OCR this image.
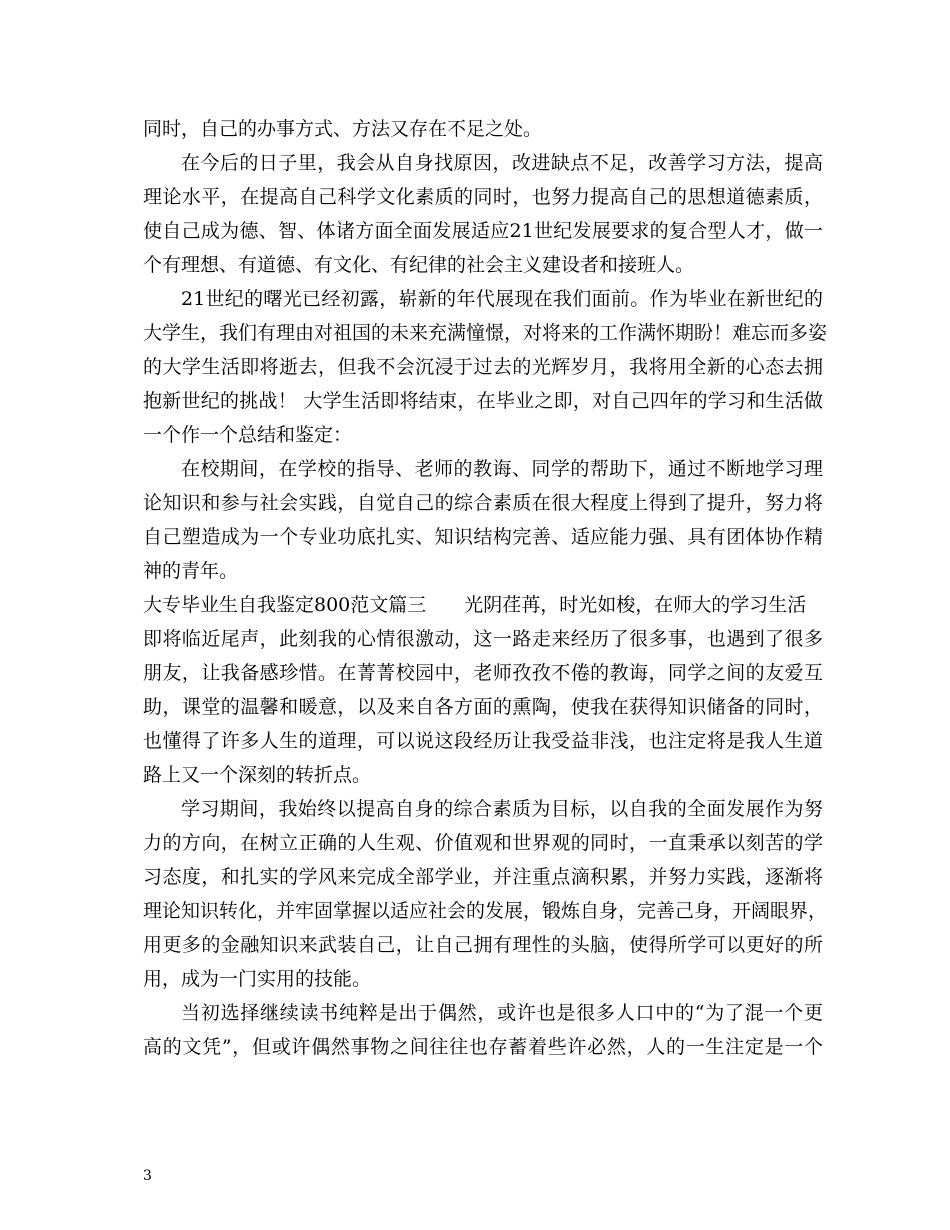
同时，自己的办事方式、方法又存在不足之处。
在今后的日子里，我会从自身找原因，改进缺点不足，改善学习方法，提高
理论水平，在提高自己科学文化素质的同时，也努力提高自己的思想道德素质，
使自己成为德、智、体诸方面全面发展适应21世纪发展要求的复合型人才，做一
个有理想、有道德、有文化、有纪律的社会主义建设者和接班人。
21世纪的曙光已经初露，崭新的年代展现在我们面前。作为毕业在新世纪的
大学生，我们有理由对祖国的未来充满憧憬，对将来的工作满怀期盼！难忘而多姿
的大学生活即将逝去，但我不会沉浸于过去的光辉岁月，我将用全新的心态去拥
抱新世纪的挑战！ 大学生活即将结束，在毕业之即，对自己四年的学习和生活做
一个作一个总结和鉴定：
在校期间，在学校的指导、老师的教诲、同学的帮助下，通过不断地学习理
论知识和参与社会实践，自觉自己的综合素质在很大程度上得到了提升，努力将
自己塑造成为一个专业功底扎实、知识结构完善、适应能力强、具有团体协作精
神的青年。
大专毕业生自我鉴定800范文篇三 光阴荏苒，时光如梭，在师大的学习生活
即将临近尾声，此刻我的心情很激动，这一路走来经历了很多事，也遇到了很多
朋友，让我备感珍惜。在菁菁校园中，老师孜孜不倦的教诲，同学之间的友爱互
助，课堂的温馨和暖意，以及来自各方面的熏陶，使我在获得知识储备的同时，
也懂得了许多人生的道理，可以说这段经历让我受益非浅，也注定将是我人生道
路上又一个深刻的转折点。
学习期间，我始终以提高自身的综合素质为目标，以自我的全面发展作为努
力的方向，在树立正确的人生观、价值观和世界观的同时，一直秉承以刻苦的学
习态度，和扎实的学风来完成全部学业，并注重点滴积累，并努力实践，逐渐将
理论知识转化，并牢固掌握以适应社会的发展，锻炼自身，完善己身，开阔眼界，
用更多的金融知识来武装自己，让自己拥有理性的头脑，使得所学可以更好的所
用，成为一门实用的技能。
当初选择继续读书纯粹是出于偶然，或许也是很多人口中的“为了混一个更
高的文凭”，但或许偶然事物之间往往也存蓄着些许必然，人的一生注定是一个
3
